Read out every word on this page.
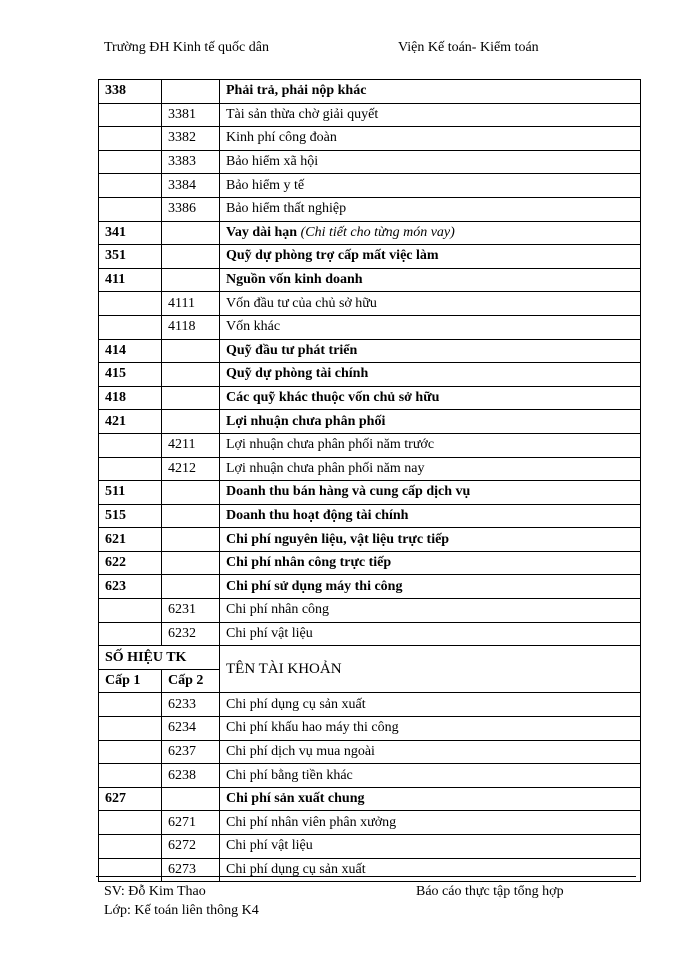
Trường ĐH Kinh tế quốc dân	Viện Kế toán- Kiểm toán
338		Phải trả, phải nộp khác
	3381	Tài sản thừa chờ giải quyết
	3382	Kinh phí công đoàn
	3383	Bảo hiểm xã hội
	3384	Bảo hiểm y tế
	3386	Bảo hiểm thất nghiệp
341		Vay dài hạn (Chi tiết cho từng món vay)
351		Quỹ dự phòng trợ cấp mất việc làm
411		Nguồn vốn kinh doanh
	4111	Vốn đầu tư của chủ sở hữu
	4118	Vốn khác
414		Quỹ đầu tư phát triển
415		Quỹ dự phòng tài chính
418		Các quỹ khác thuộc vốn chủ sở hữu
421		Lợi nhuận chưa phân phối
	4211	Lợi nhuận chưa phân phối năm trước
	4212	Lợi nhuận chưa phân phối năm nay
511		Doanh thu bán hàng và cung cấp dịch vụ
515		Doanh thu hoạt động tài chính
621		Chi phí nguyên liệu, vật liệu trực tiếp
622		Chi phí nhân công trực tiếp
623		Chi phí sử dụng máy thi công
	6231	Chi phí nhân công
	6232	Chi phí vật liệu
SỐ HIỆU TK		TÊN TÀI KHOẢN
Cấp 1	Cấp 2	
	6233	Chi phí dụng cụ sản xuất
	6234	Chi phí khấu hao máy thi công
	6237	Chi phí dịch vụ mua ngoài
	6238	Chi phí bằng tiền khác
627		Chi phí sản xuất chung
	6271	Chi phí nhân viên phân xưởng
	6272	Chi phí vật liệu
	6273	Chi phí dụng cụ sản xuất
SV: Đỗ Kim Thao	Báo cáo thực tập tổng hợp
Lớp: Kế toán liên thông K4
